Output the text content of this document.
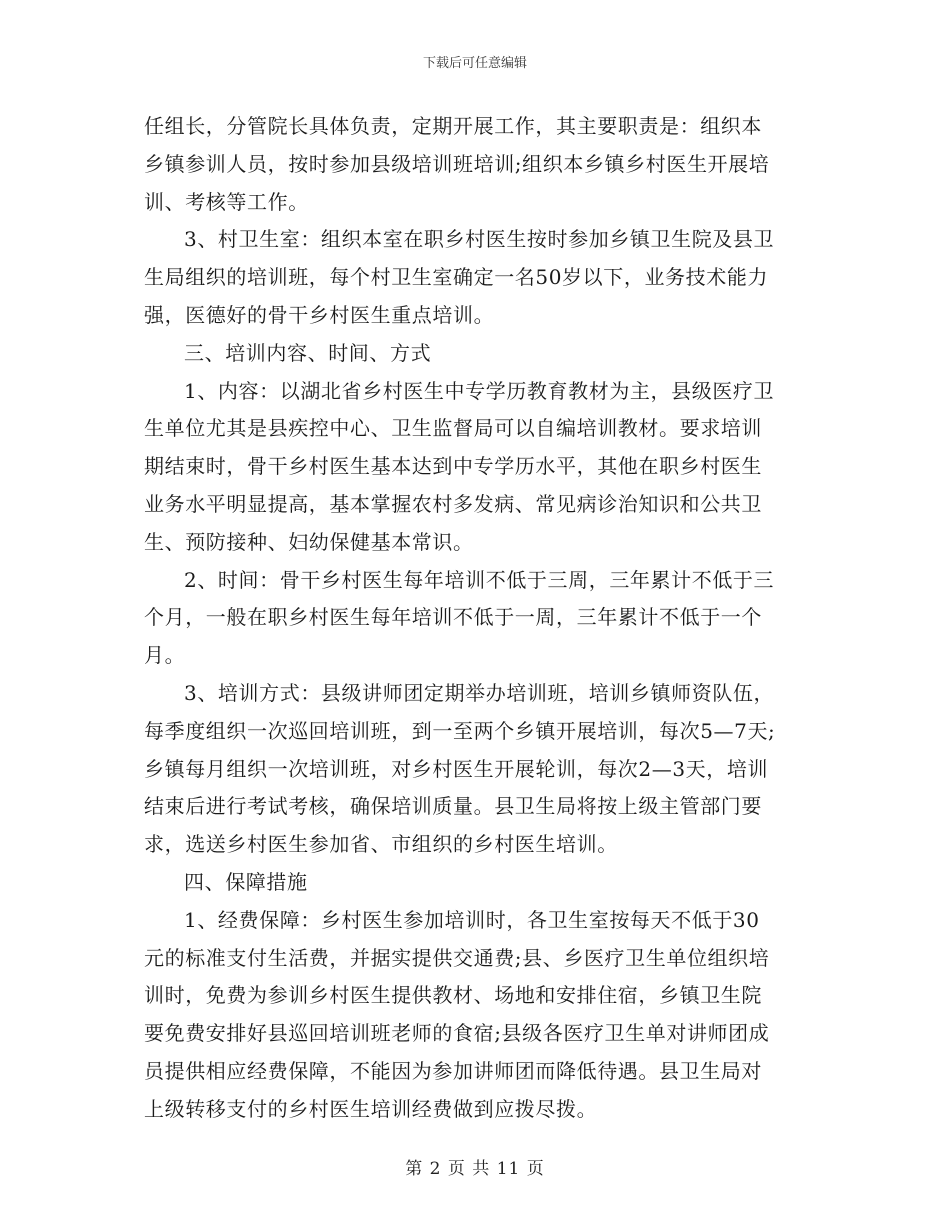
下载后可任意编辑
任组长，分管院长具体负责，定期开展工作，其主要职责是：组织本
乡镇参训人员，按时参加县级培训班培训;组织本乡镇乡村医生开展培
训、考核等工作。
3、村卫生室：组织本室在职乡村医生按时参加乡镇卫生院及县卫
生局组织的培训班，每个村卫生室确定一名50岁以下，业务技术能力
强，医德好的骨干乡村医生重点培训。
三、培训内容、时间、方式
1、内容：以湖北省乡村医生中专学历教育教材为主，县级医疗卫
生单位尤其是县疾控中心、卫生监督局可以自编培训教材。要求培训
期结束时，骨干乡村医生基本达到中专学历水平，其他在职乡村医生
业务水平明显提高，基本掌握农村多发病、常见病诊治知识和公共卫
生、预防接种、妇幼保健基本常识。
2、时间：骨干乡村医生每年培训不低于三周，三年累计不低于三
个月，一般在职乡村医生每年培训不低于一周，三年累计不低于一个
月。
3、培训方式：县级讲师团定期举办培训班，培训乡镇师资队伍，
每季度组织一次巡回培训班，到一至两个乡镇开展培训，每次5—7天;
乡镇每月组织一次培训班，对乡村医生开展轮训，每次2—3天，培训
结束后进行考试考核，确保培训质量。县卫生局将按上级主管部门要
求，选送乡村医生参加省、市组织的乡村医生培训。
四、保障措施
1、经费保障：乡村医生参加培训时，各卫生室按每天不低于30
元的标准支付生活费，并据实提供交通费;县、乡医疗卫生单位组织培
训时，免费为参训乡村医生提供教材、场地和安排住宿，乡镇卫生院
要免费安排好县巡回培训班老师的食宿;县级各医疗卫生单对讲师团成
员提供相应经费保障，不能因为参加讲师团而降低待遇。县卫生局对
上级转移支付的乡村医生培训经费做到应拨尽拨。
第 2 页 共 11 页
